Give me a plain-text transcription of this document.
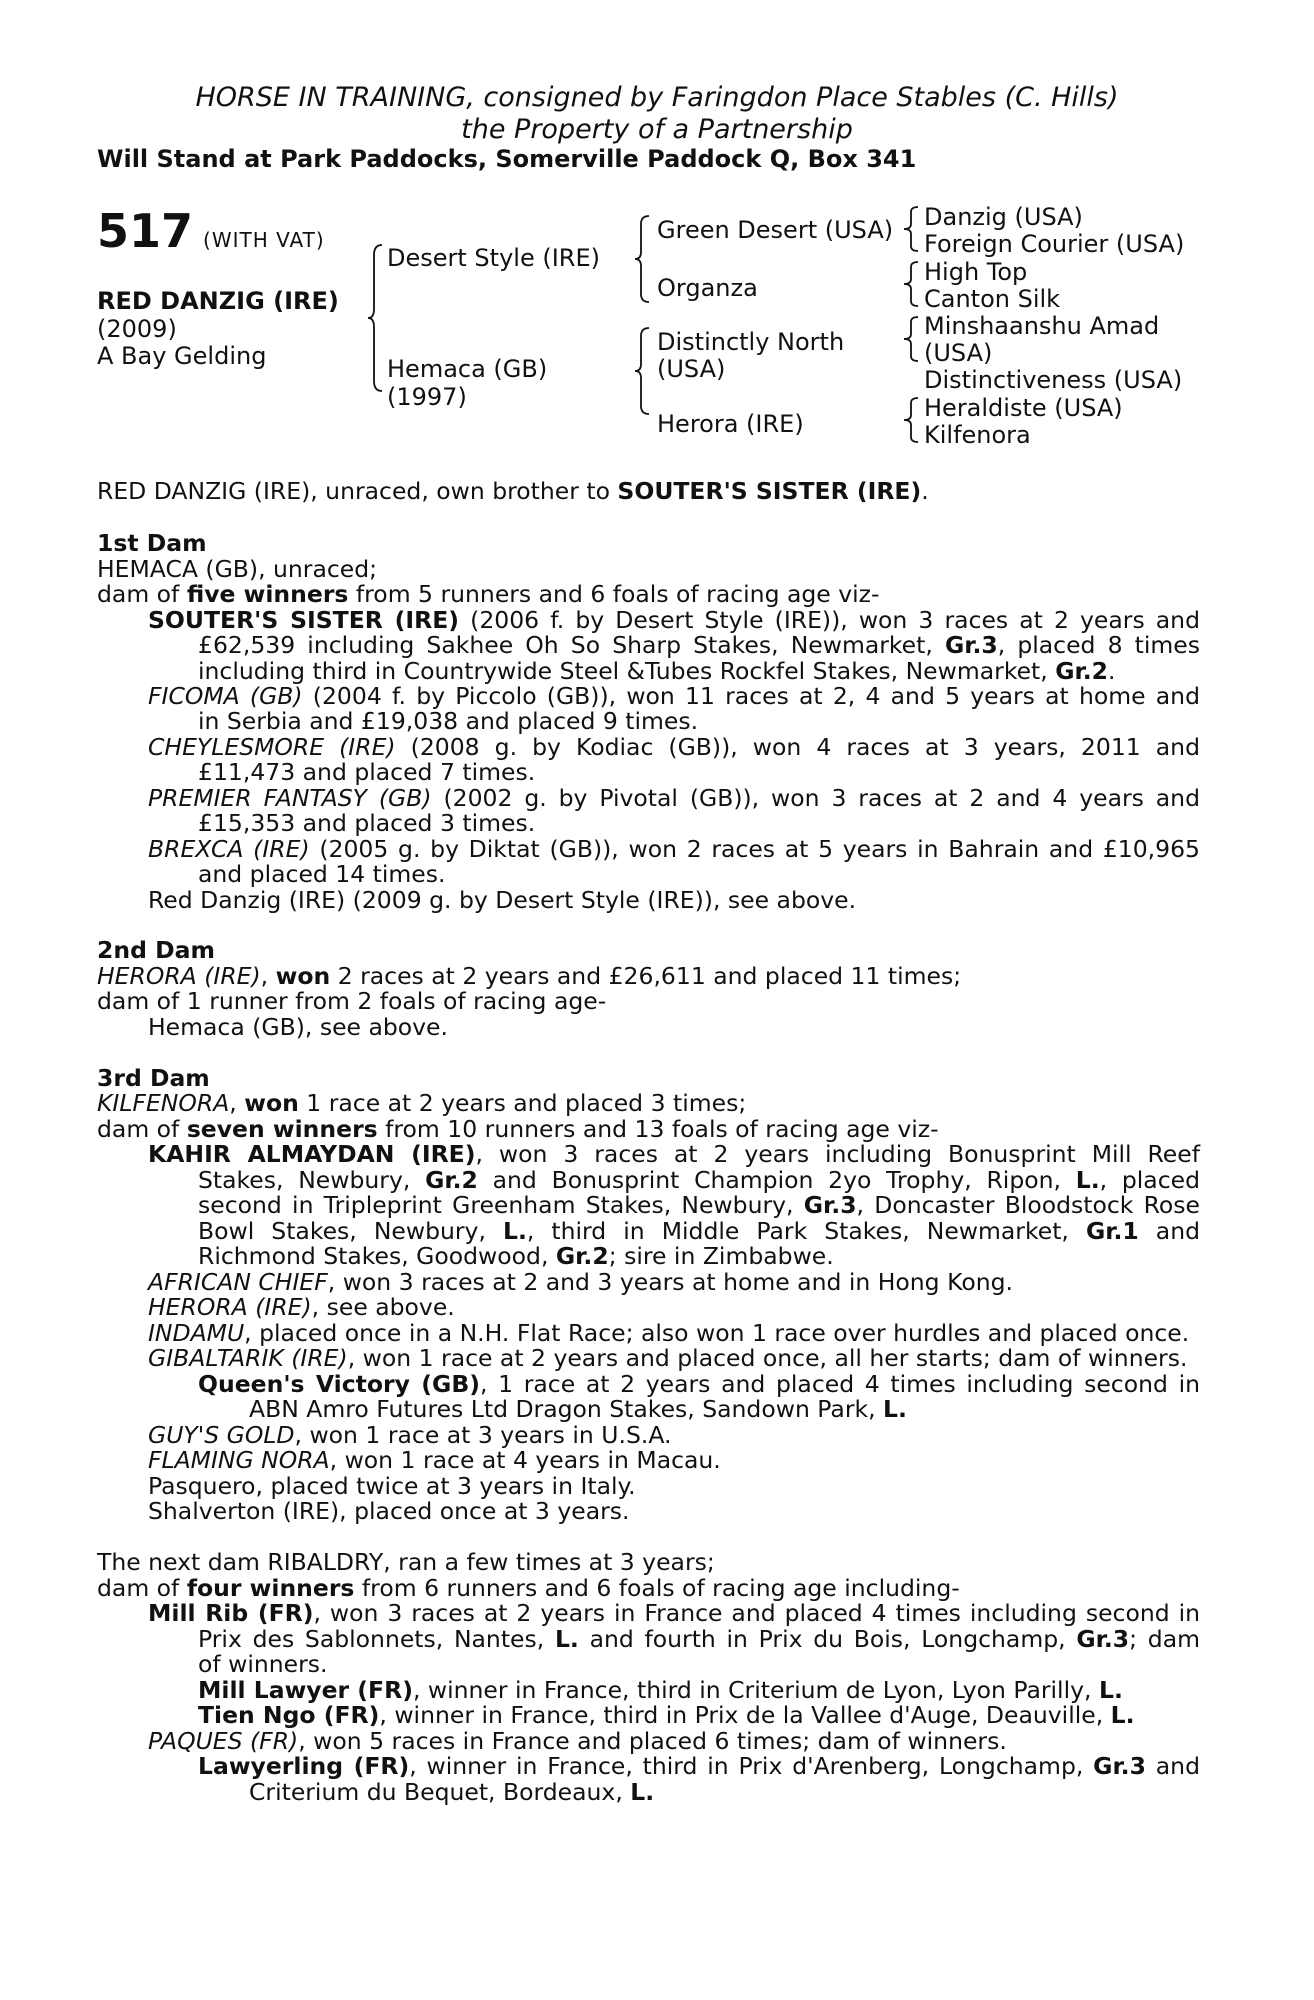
HORSE IN TRAINING, consigned by Faringdon Place Stables (C. Hills)
the Property of a Partnership
Will Stand at Park Paddocks, Somerville Paddock Q, Box 341
517 (WITH VAT)
RED DANZIG (IRE)
(2009)
A Bay Gelding
Desert Style (IRE)
Hemaca (GB)
(1997)
Green Desert (USA)
Organza
Distinctly North
(USA)
Herora (IRE)
Danzig (USA)
Foreign Courier (USA)
High Top
Canton Silk
Minshaanshu Amad
(USA)
Distinctiveness (USA)
Heraldiste (USA)
Kilfenora
RED DANZIG (IRE), unraced, own brother to SOUTER'S SISTER (IRE).
1st Dam
HEMACA (GB), unraced;
dam of five winners from 5 runners and 6 foals of racing age viz-
SOUTER'S SISTER (IRE) (2006 f. by Desert Style (IRE)), won 3 races at 2 years and
£62,539 including Sakhee Oh So Sharp Stakes, Newmarket, Gr.3, placed 8 times
including third in Countrywide Steel &Tubes Rockfel Stakes, Newmarket, Gr.2.
FICOMA (GB) (2004 f. by Piccolo (GB)), won 11 races at 2, 4 and 5 years at home and
in Serbia and £19,038 and placed 9 times.
CHEYLESMORE (IRE) (2008 g. by Kodiac (GB)), won 4 races at 3 years, 2011 and
£11,473 and placed 7 times.
PREMIER FANTASY (GB) (2002 g. by Pivotal (GB)), won 3 races at 2 and 4 years and
£15,353 and placed 3 times.
BREXCA (IRE) (2005 g. by Diktat (GB)), won 2 races at 5 years in Bahrain and £10,965
and placed 14 times.
Red Danzig (IRE) (2009 g. by Desert Style (IRE)), see above.
2nd Dam
HERORA (IRE), won 2 races at 2 years and £26,611 and placed 11 times;
dam of 1 runner from 2 foals of racing age-
Hemaca (GB), see above.
3rd Dam
KILFENORA, won 1 race at 2 years and placed 3 times;
dam of seven winners from 10 runners and 13 foals of racing age viz-
KAHIR ALMAYDAN (IRE), won 3 races at 2 years including Bonusprint Mill Reef
Stakes, Newbury, Gr.2 and Bonusprint Champion 2yo Trophy, Ripon, L., placed
second in Tripleprint Greenham Stakes, Newbury, Gr.3, Doncaster Bloodstock Rose
Bowl Stakes, Newbury, L., third in Middle Park Stakes, Newmarket, Gr.1 and
Richmond Stakes, Goodwood, Gr.2; sire in Zimbabwe.
AFRICAN CHIEF, won 3 races at 2 and 3 years at home and in Hong Kong.
HERORA (IRE), see above.
INDAMU, placed once in a N.H. Flat Race; also won 1 race over hurdles and placed once.
GIBALTARIK (IRE), won 1 race at 2 years and placed once, all her starts; dam of winners.
Queen's Victory (GB), 1 race at 2 years and placed 4 times including second in
ABN Amro Futures Ltd Dragon Stakes, Sandown Park, L.
GUY'S GOLD, won 1 race at 3 years in U.S.A.
FLAMING NORA, won 1 race at 4 years in Macau.
Pasquero, placed twice at 3 years in Italy.
Shalverton (IRE), placed once at 3 years.
The next dam RIBALDRY, ran a few times at 3 years;
dam of four winners from 6 runners and 6 foals of racing age including-
Mill Rib (FR), won 3 races at 2 years in France and placed 4 times including second in
Prix des Sablonnets, Nantes, L. and fourth in Prix du Bois, Longchamp, Gr.3; dam
of winners.
Mill Lawyer (FR), winner in France, third in Criterium de Lyon, Lyon Parilly, L.
Tien Ngo (FR), winner in France, third in Prix de la Vallee d'Auge, Deauville, L.
PAQUES (FR), won 5 races in France and placed 6 times; dam of winners.
Lawyerling (FR), winner in France, third in Prix d'Arenberg, Longchamp, Gr.3 and
Criterium du Bequet, Bordeaux, L.
